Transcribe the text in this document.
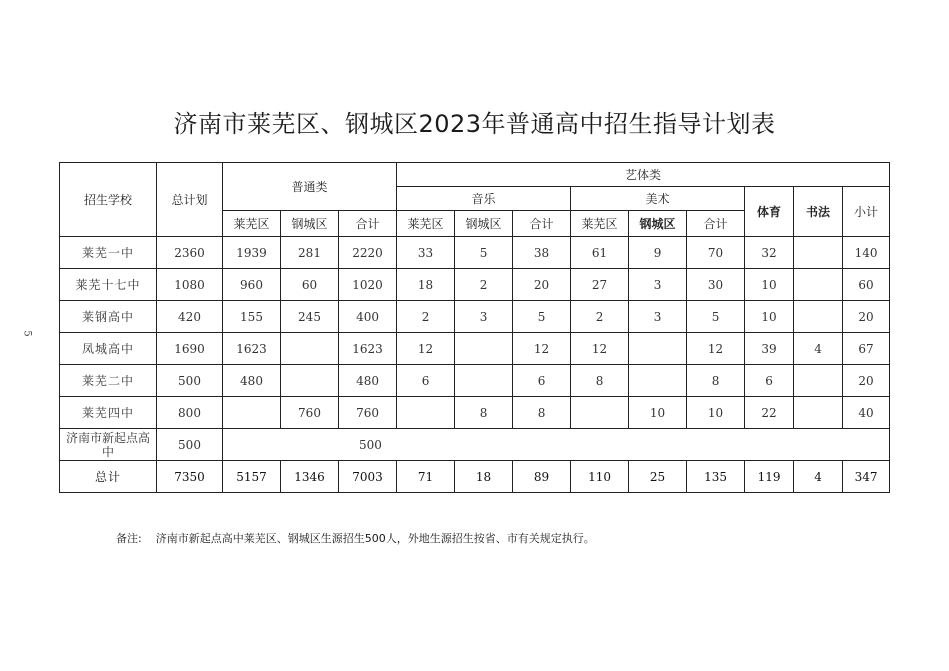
济南市莱芜区、钢城区2023年普通高中招生指导计划表
5
招生学校	总计划	普通类			艺体类								
					音乐			美术			体育	书法	小计
		莱芜区	钢城区	合计	莱芜区	钢城区	合计	莱芜区	钢城区	合计			
莱芜一中	2360	1939	281	2220	33	5	38	61	9	70	32		140
莱芜十七中	1080	960	60	1020	18	2	20	27	3	30	10		60
莱钢高中	420	155	245	400	2	3	5	2	3	5	10		20
凤城高中	1690	1623		1623	12		12	12		12	39	4	67
莱芜二中	500	480		480	6		6	8		8	6		20
莱芜四中	800		760	760		8	8		10	10	22		40
济南市新起点高中	500	500											
总计	7350	5157	1346	7003	71	18	89	110	25	135	119	4	347
备注: 济南市新起点高中莱芜区、钢城区生源招生500人，外地生源招生按省、市有关规定执行。
